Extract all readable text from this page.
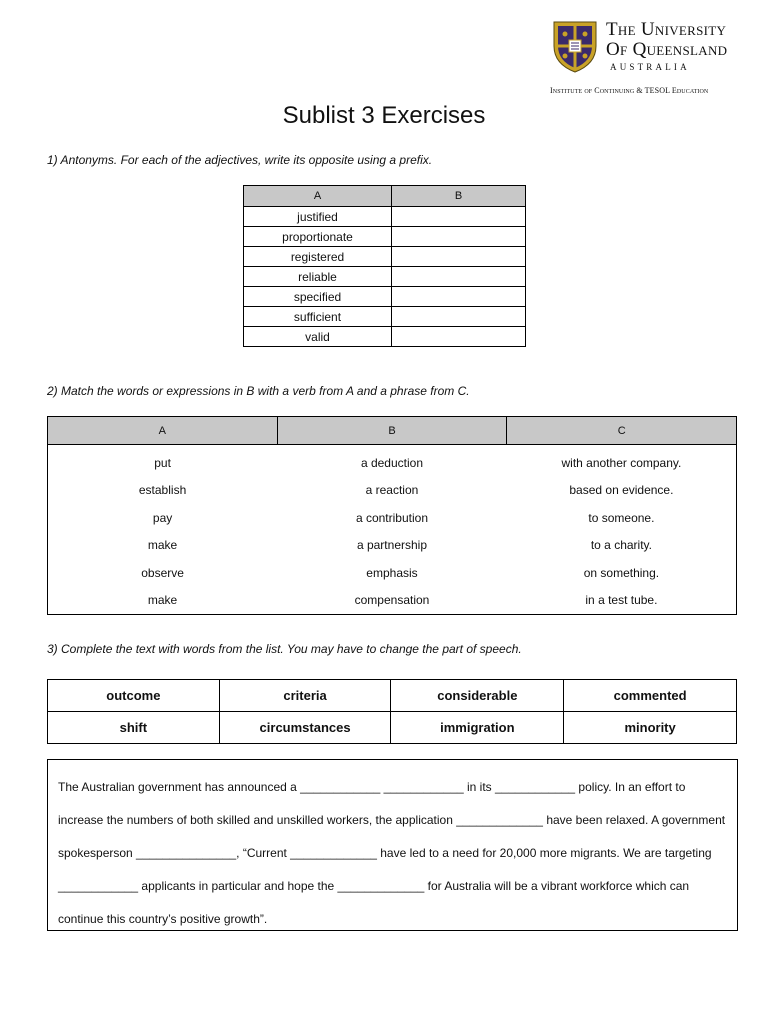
The University
Of Queensland
AUSTRALIA
Institute of Continuing & TESOL Education
Sublist 3 Exercises
1) Antonyms. For each of the adjectives, write its opposite using a prefix.
A	B
justified	
proportionate	
registered	
reliable	
specified	
sufficient	
valid	
2) Match the words or expressions in B with a verb from A and a phrase from C.
A	B	C
put	a deduction	with another company.
establish	a reaction	based on evidence.
pay	a contribution	to someone.
make	a partnership	to a charity.
observe	emphasis	on something.
make	compensation	in a test tube.
3) Complete the text with words from the list. You may have to change the part of speech.
outcome	criteria	considerable	commented
shift	circumstances	immigration	minority
The Australian government has announced a ____________ ____________ in its ____________ policy. In an effort to increase the numbers of both skilled and unskilled workers, the application _____________ have been relaxed. A government spokesperson _______________, “Current _____________ have led to a need for 20,000 more migrants. We are targeting ____________ applicants in particular and hope the _____________ for Australia will be a vibrant workforce which can continue this country’s positive growth”.
